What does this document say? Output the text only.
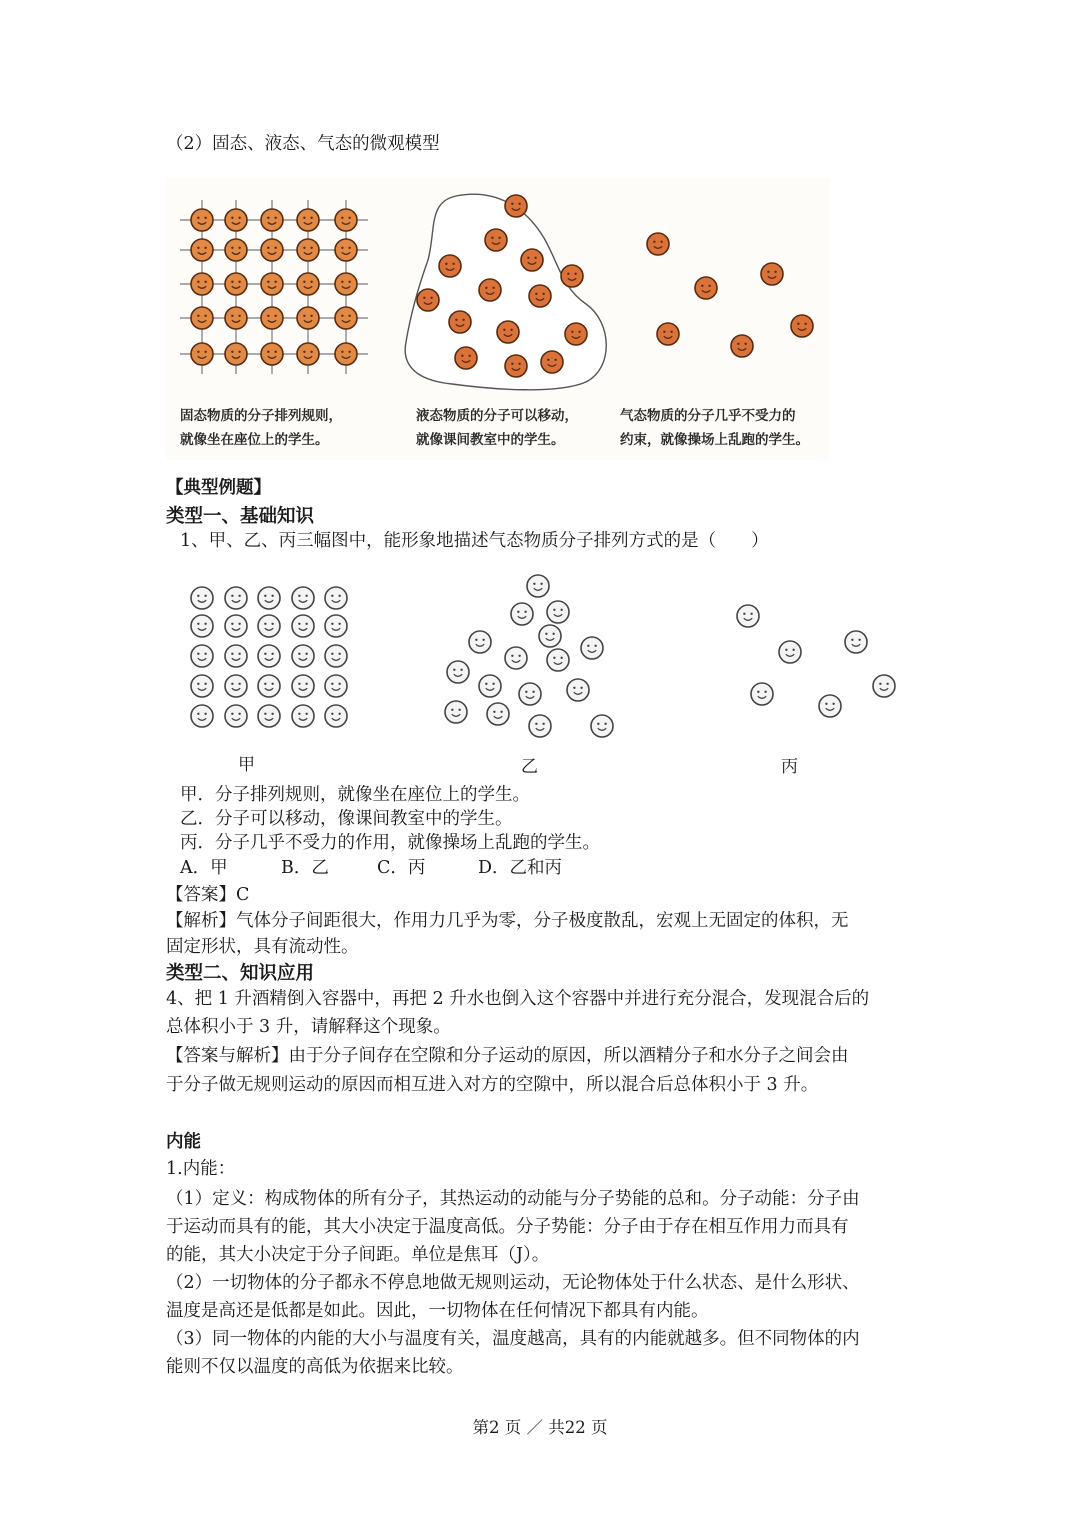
（2）固态、液态、气态的微观模型
固态物质的分子排列规则，
就像坐在座位上的学生。
液态物质的分子可以移动，
就像课间教室中的学生。
气态物质的分子几乎不受力的
约束，就像操场上乱跑的学生。
【典型例题】
类型一、基础知识
1、甲、乙、丙三幅图中，能形象地描述气态物质分子排列方式的是（　　）
甲	乙	丙
甲．分子排列规则，就像坐在座位上的学生。
乙．分子可以移动，像课间教室中的学生。
丙．分子几乎不受力的作用，就像操场上乱跑的学生。
A．甲	B．乙	C．丙	D．乙和丙
【答案】C
【解析】气体分子间距很大，作用力几乎为零，分子极度散乱，宏观上无固定的体积，无
固定形状，具有流动性。
类型二、知识应用
4、把 1 升酒精倒入容器中，再把 2 升水也倒入这个容器中并进行充分混合，发现混合后的
总体积小于 3 升，请解释这个现象。
【答案与解析】由于分子间存在空隙和分子运动的原因，所以酒精分子和水分子之间会由
于分子做无规则运动的原因而相互进入对方的空隙中，所以混合后总体积小于 3 升。
内能
1.内能：
（1）定义：构成物体的所有分子，其热运动的动能与分子势能的总和。分子动能：分子由
于运动而具有的能，其大小决定于温度高低。分子势能：分子由于存在相互作用力而具有
的能，其大小决定于分子间距。单位是焦耳（J）。
（2）一切物体的分子都永不停息地做无规则运动，无论物体处于什么状态、是什么形状、
温度是高还是低都是如此。因此，一切物体在任何情况下都具有内能。
（3）同一物体的内能的大小与温度有关，温度越高，具有的内能就越多。但不同物体的内
能则不仅以温度的高低为依据来比较。
第2 页 ／ 共22 页
